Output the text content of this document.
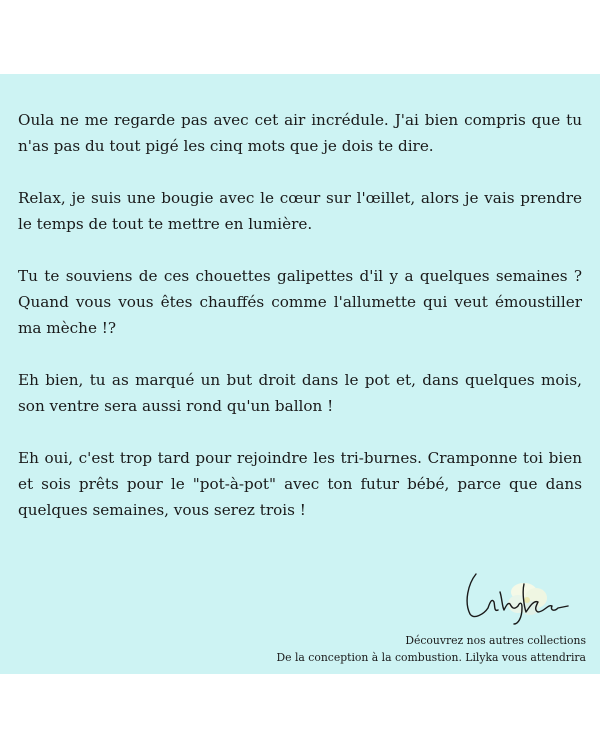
Oula ne me regarde pas avec cet air incrédule. J'ai bien compris que tu n'as pas du tout pigé les cinq mots que je dois te dire.

Relax, je suis une bougie avec le cœur sur l'œillet, alors je vais prendre le temps de tout te mettre en lumière.

Tu te souviens de ces chouettes galipettes d'il y a quelques semaines ? Quand vous vous êtes chauffés comme l'allumette qui veut émoustiller ma mèche !?

Eh bien, tu as marqué un but droit dans le pot et, dans quelques mois, son ventre sera aussi rond qu'un ballon !

Eh oui, c'est trop tard pour rejoindre les tri-burnes. Cramponne toi bien et sois prêts pour le "pot-à-pot" avec ton futur bébé, parce que dans quelques semaines, vous serez trois !

Découvrez nos autres collections
De la conception à la combustion. Lilyka vous attendrira
